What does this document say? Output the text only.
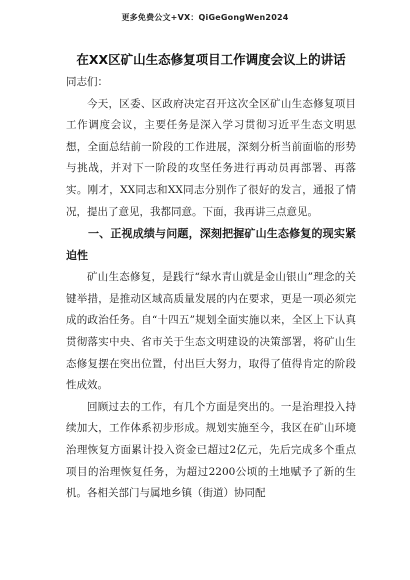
更多免费公文+VX：QiGeGongWen2024
在XX区矿山生态修复项目工作调度会议上的讲话

同志们：

今天，区委、区政府决定召开这次全区矿山生态修复项目工作调度会议，主要任务是深入学习贯彻习近平生态文明思想，全面总结前一阶段的工作进展，深刻分析当前面临的形势与挑战，并对下一阶段的攻坚任务进行再动员再部署、再落实。刚才，XX同志和XX同志分别作了很好的发言，通报了情况，提出了意见，我都同意。下面，我再讲三点意见。

一、正视成绩与问题，深刻把握矿山生态修复的现实紧迫性

矿山生态修复，是践行“绿水青山就是金山银山”理念的关键举措，是推动区域高质量发展的内在要求，更是一项必须完成的政治任务。自“十四五”规划全面实施以来，全区上下认真贯彻落实中央、省市关于生态文明建设的决策部署，将矿山生态修复摆在突出位置，付出巨大努力，取得了值得肯定的阶段性成效。

回顾过去的工作，有几个方面是突出的。一是治理投入持续加大，工作体系初步形成。规划实施至今，我区在矿山环境治理恢复方面累计投入资金已超过2亿元，先后完成多个重点项目的治理恢复任务，为超过2200公顷的土地赋予了新的生机。各相关部门与属地乡镇（街道）协同配
